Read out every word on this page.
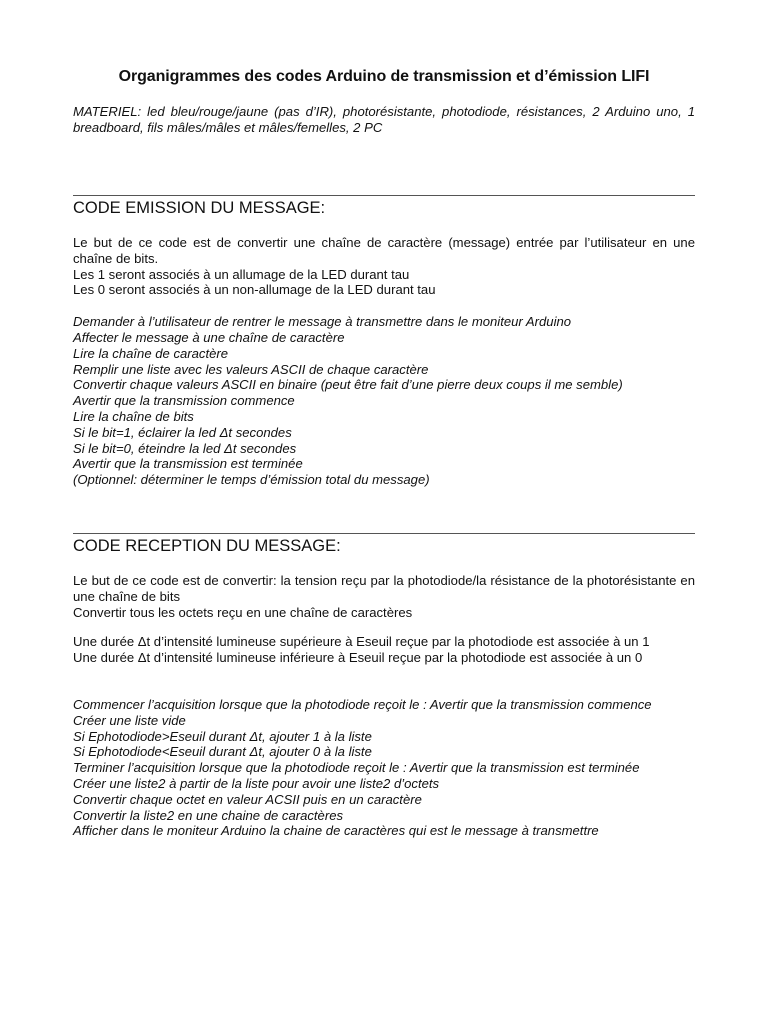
Organigrammes des codes Arduino de transmission et d’émission LIFI

MATERIEL: led bleu/rouge/jaune (pas d’IR), photorésistante, photodiode, résistances, 2 Arduino uno, 1 breadboard, fils mâles/mâles et mâles/femelles, 2 PC

CODE EMISSION DU MESSAGE:

Le but de ce code est de convertir une chaîne de caractère (message) entrée par l’utilisateur en une chaîne de bits.

Les 1 seront associés à un allumage de la LED durant tau

Les 0 seront associés à un non-allumage de la LED durant tau

Demander à l’utilisateur de rentrer le message à transmettre dans le moniteur Arduino
Affecter le message à une chaîne de caractère
Lire la chaîne de caractère
Remplir une liste avec les valeurs ASCII de chaque caractère
Convertir chaque valeurs ASCII en binaire (peut être fait d’une pierre deux coups il me semble)
Avertir que la transmission commence
Lire la chaîne de bits
Si le bit=1, éclairer la led Δt secondes
Si le bit=0, éteindre la led Δt secondes
Avertir que la transmission est terminée
(Optionnel: déterminer le temps d’émission total du message)
CODE RECEPTION DU MESSAGE:

Le but de ce code est de convertir: la tension reçu par la photodiode/la résistance de la photorésistante en une chaîne de bits

Convertir tous les octets reçu en une chaîne de caractères

Une durée Δt d’intensité lumineuse supérieure à Eseuil reçue par la photodiode est associée à un 1

Une durée Δt d’intensité lumineuse inférieure à Eseuil reçue par la photodiode est associée à un 0

Commencer l’acquisition lorsque que la photodiode reçoit le : Avertir que la transmission commence
Créer une liste vide
Si Ephotodiode>Eseuil durant Δt, ajouter 1 à la liste
Si Ephotodiode<Eseuil durant Δt, ajouter 0 à la liste
Terminer l’acquisition lorsque que la photodiode reçoit le : Avertir que la transmission est terminée
Créer une liste2 à partir de la liste pour avoir une liste2 d’octets
Convertir chaque octet en valeur ACSII puis en un caractère
Convertir la liste2 en une chaine de caractères
Afficher dans le moniteur Arduino la chaine de caractères qui est le message à transmettre
